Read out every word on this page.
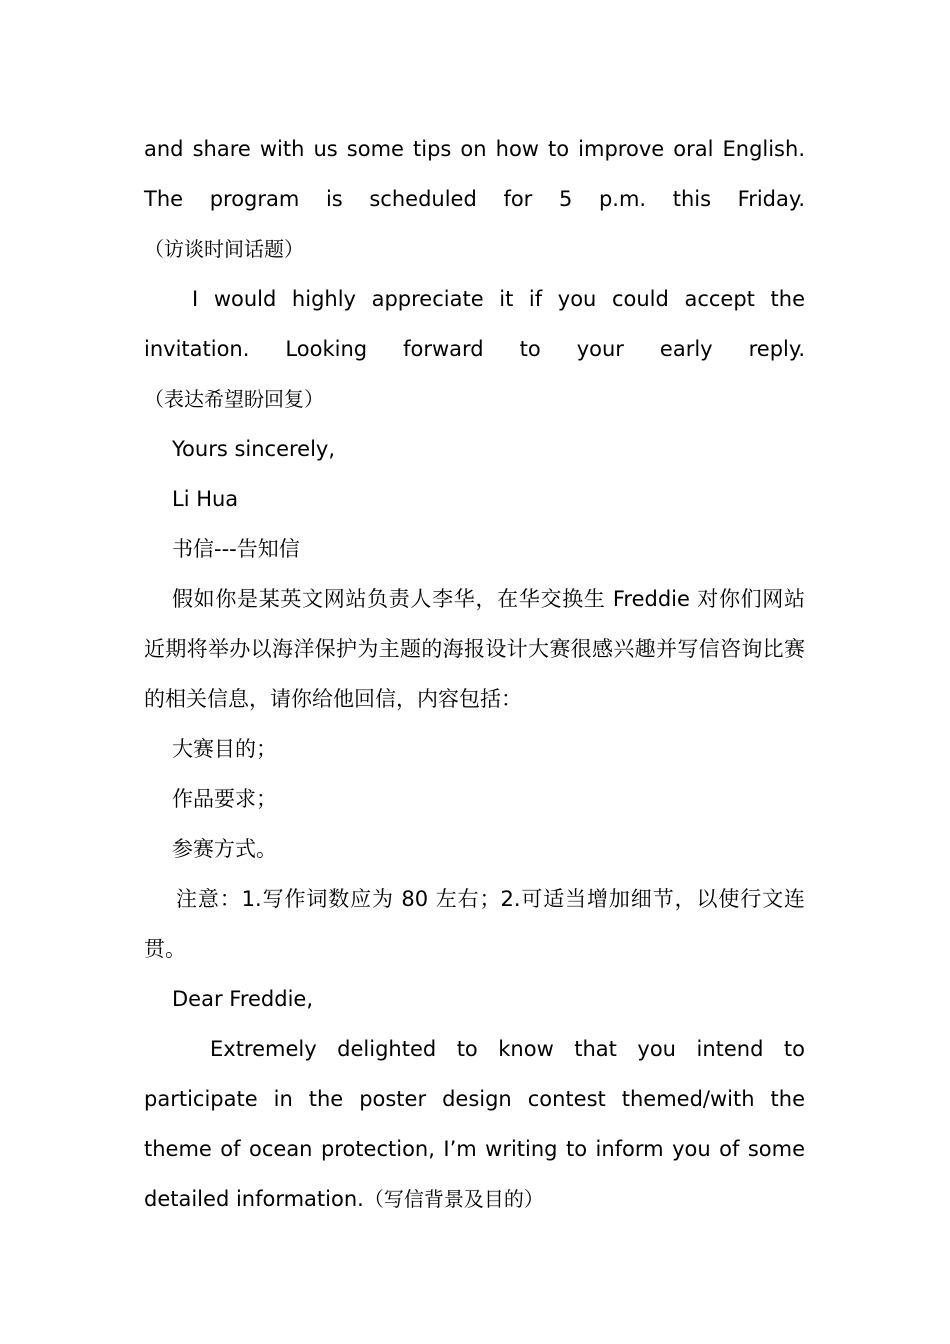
and share with us some tips on how to improve oral English. The program is scheduled for 5 p.m. this Friday.（访谈时间话题）

I would highly appreciate it if you could accept the invitation. Looking forward to your early reply.（表达希望盼回复）

Yours sincerely,

Li Hua

书信---告知信

假如你是某英文网站负责人李华，在华交换生 Freddie 对你们网站近期将举办以海洋保护为主题的海报设计大赛很感兴趣并写信咨询比赛的相关信息，请你给他回信，内容包括：

大赛目的；

作品要求；

参赛方式。

注意：1.写作词数应为 80 左右；2.可适当增加细节，以使行文连贯。

Dear Freddie,

Extremely delighted to know that you intend to participate in the poster design contest themed/with the theme of ocean protection, I’m writing to inform you of some detailed information.（写信背景及目的）
